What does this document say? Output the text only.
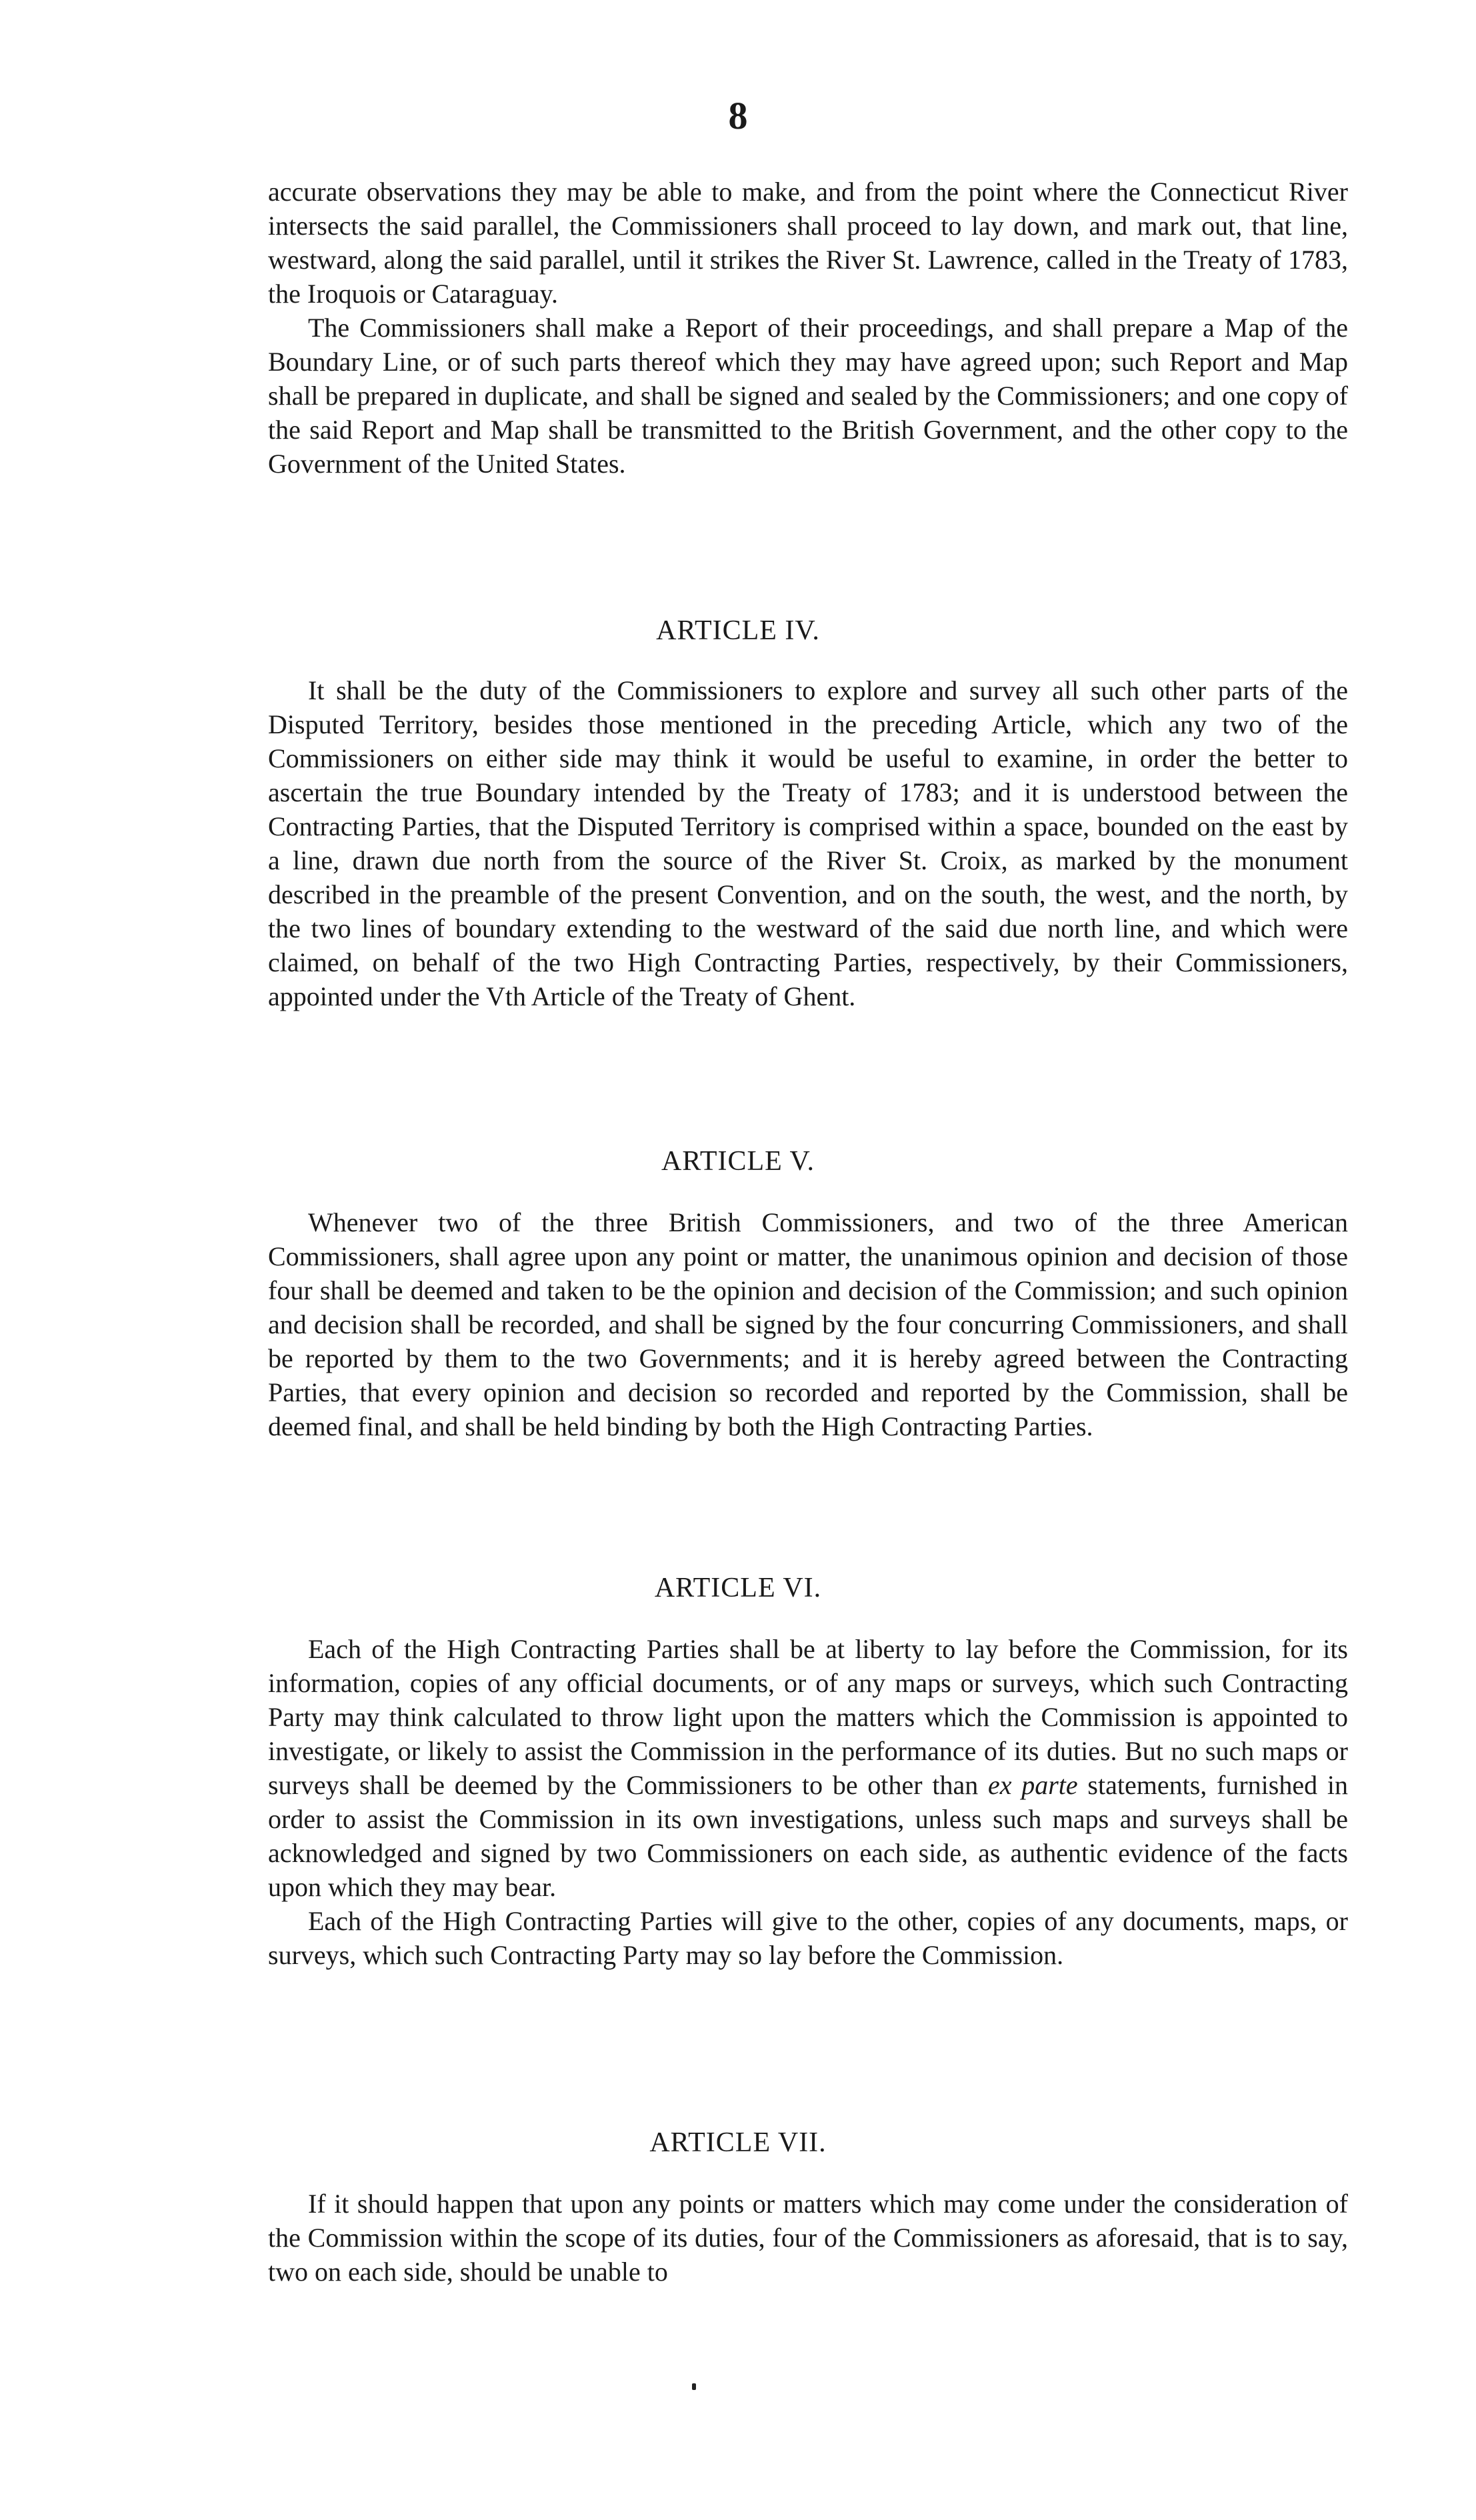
8

accurate observations they may be able to make, and from the point where the Connecticut River intersects the said parallel, the Commissioners shall proceed to lay down, and mark out, that line, westward, along the said parallel, until it strikes the River St. Lawrence, called in the Treaty of 1783, the Iroquois or Cataraguay.

The Commissioners shall make a Report of their proceedings, and shall prepare a Map of the Boundary Line, or of such parts thereof which they may have agreed upon; such Report and Map shall be prepared in duplicate, and shall be signed and sealed by the Commissioners; and one copy of the said Report and Map shall be transmitted to the British Government, and the other copy to the Government of the United States.

ARTICLE IV.

It shall be the duty of the Commissioners to explore and survey all such other parts of the Disputed Territory, besides those mentioned in the preceding Article, which any two of the Commissioners on either side may think it would be useful to examine, in order the better to ascertain the true Boundary intended by the Treaty of 1783; and it is understood between the Contracting Parties, that the Disputed Territory is comprised within a space, bounded on the east by a line, drawn due north from the source of the River St. Croix, as marked by the monument described in the preamble of the present Convention, and on the south, the west, and the north, by the two lines of boundary extending to the westward of the said due north line, and which were claimed, on behalf of the two High Contracting Parties, respectively, by their Commissioners, appointed under the Vth Article of the Treaty of Ghent.

ARTICLE V.

Whenever two of the three British Commissioners, and two of the three American Commissioners, shall agree upon any point or matter, the unanimous opinion and decision of those four shall be deemed and taken to be the opinion and decision of the Commission; and such opinion and decision shall be recorded, and shall be signed by the four concurring Commissioners, and shall be reported by them to the two Governments; and it is hereby agreed between the Contracting Parties, that every opinion and decision so recorded and reported by the Commission, shall be deemed final, and shall be held binding by both the High Contracting Parties.

ARTICLE VI.

Each of the High Contracting Parties shall be at liberty to lay before the Commission, for its information, copies of any official documents, or of any maps or surveys, which such Contracting Party may think calculated to throw light upon the matters which the Commission is appointed to investigate, or likely to assist the Commission in the performance of its duties. But no such maps or surveys shall be deemed by the Commissioners to be other than ex parte statements, furnished in order to assist the Commission in its own investigations, unless such maps and surveys shall be acknowledged and signed by two Commissioners on each side, as authentic evidence of the facts upon which they may bear.

Each of the High Contracting Parties will give to the other, copies of any documents, maps, or surveys, which such Contracting Party may so lay before the Commission.

ARTICLE VII.

If it should happen that upon any points or matters which may come under the consideration of the Commission within the scope of its duties, four of the Commissioners as aforesaid, that is to say, two on each side, should be unable to
